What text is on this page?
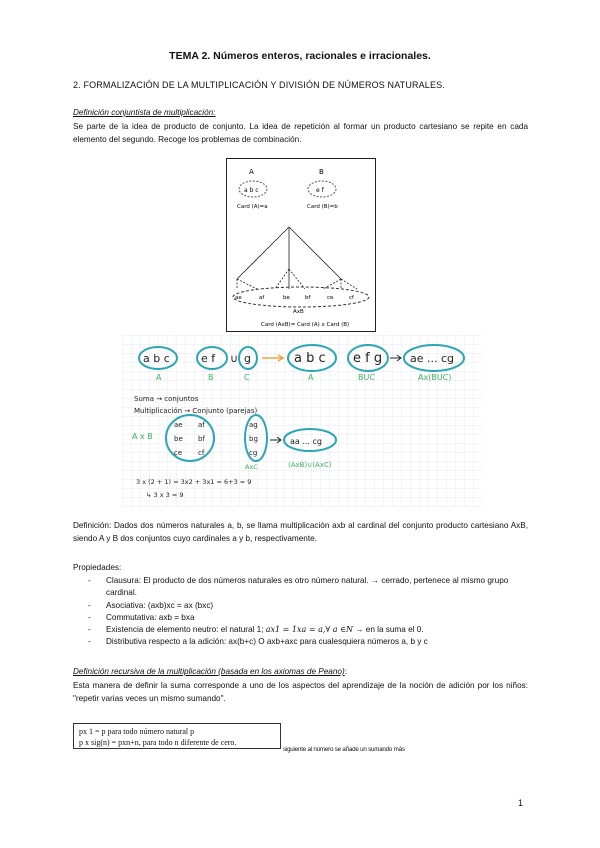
TEMA 2. Números enteros, racionales e irracionales.
2. FORMALIZACIÓN DE LA MULTIPLICACIÓN Y DIVISIÓN DE NÚMEROS NATURALES.
Definición conjuntista de multiplicación:
Se parte de la idea de producto de conjunto. La idea de repetición al formar un producto cartesiano se repite en cada elemento del segundo. Recoge los problemas de combinación.
A	B
a b c	e f
Card (A)=a	Card (B)=b
ae	af	be	bf	ce	cf
AxB
Card (AxB)= Card (A) x Card (B)
a b c	e f ∪ g	a b c e f g	ae ... cg
A	B	C	A	BUC	Ax(BUC)
Suma → conjuntos
Multiplicación → Conjunto (parejas)
A x B
ae
be
ce
af
bf
cf
ag
bg
cg
AxC
aa ... cg
(AxB)∪(AxC)
3 x (2 + 1) = 3x2 + 3x1 = 6+3 = 9
↳ 3 x 3 = 9
Definición: Dados dos números naturales a, b, se llama multiplicación axb al cardinal del conjunto producto cartesiano AxB, siendo A y B dos conjuntos cuyo cardinales a y b, respectivamente.
Propiedades:
- Clausura: El producto de dos números naturales es otro número natural. → cerrado, pertenece al mismo grupo cardinal.
- Asociativa: (axb)xc = ax (bxc)
- Commutativa: axb = bxa
- Existencia de elemento neutro: el natural 1; ax1 = 1xa = a,∀ a ∈N → en la suma el 0.
- Distributiva respecto a la adición: ax(b+c) O axb+axc para cualesquiera números a, b y c
Definición recursiva de la multiplicación (basada en los axiomas de Peano):
Esta manera de definir la suma corresponde a uno de los aspectos del aprendizaje de la noción de adición por los niños: "repetir varias veces un mismo sumando".
px 1 = p para todo número natural p
p x sig(n) = pxn+n, para todo n diferente de cero.
siguiente al número se añade un sumando más
1
